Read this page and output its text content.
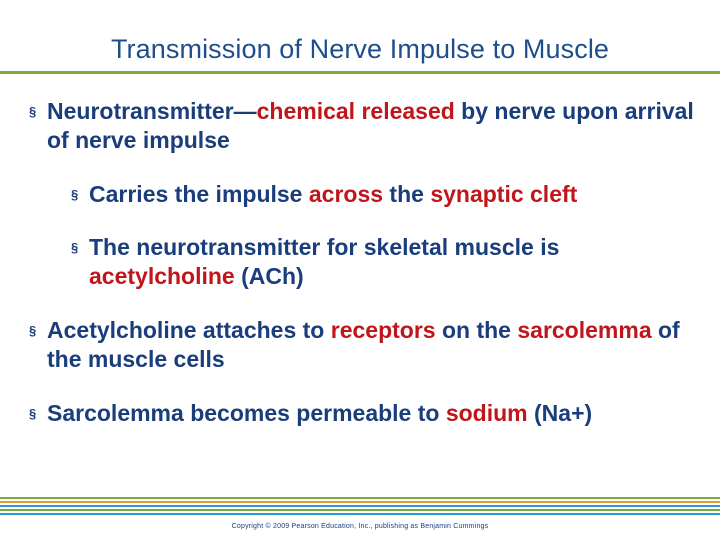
Transmission of Nerve Impulse to Muscle
§ Neurotransmitter—chemical released by nerve upon arrival of nerve impulse
§ Carries the impulse across the synaptic cleft
§ The neurotransmitter for skeletal muscle is acetylcholine (ACh)
§ Acetylcholine attaches to receptors on the sarcolemma of the muscle cells
§ Sarcolemma becomes permeable to sodium (Na+)
Copyright © 2009 Pearson Education, Inc., publishing as Benjamin Cummings
